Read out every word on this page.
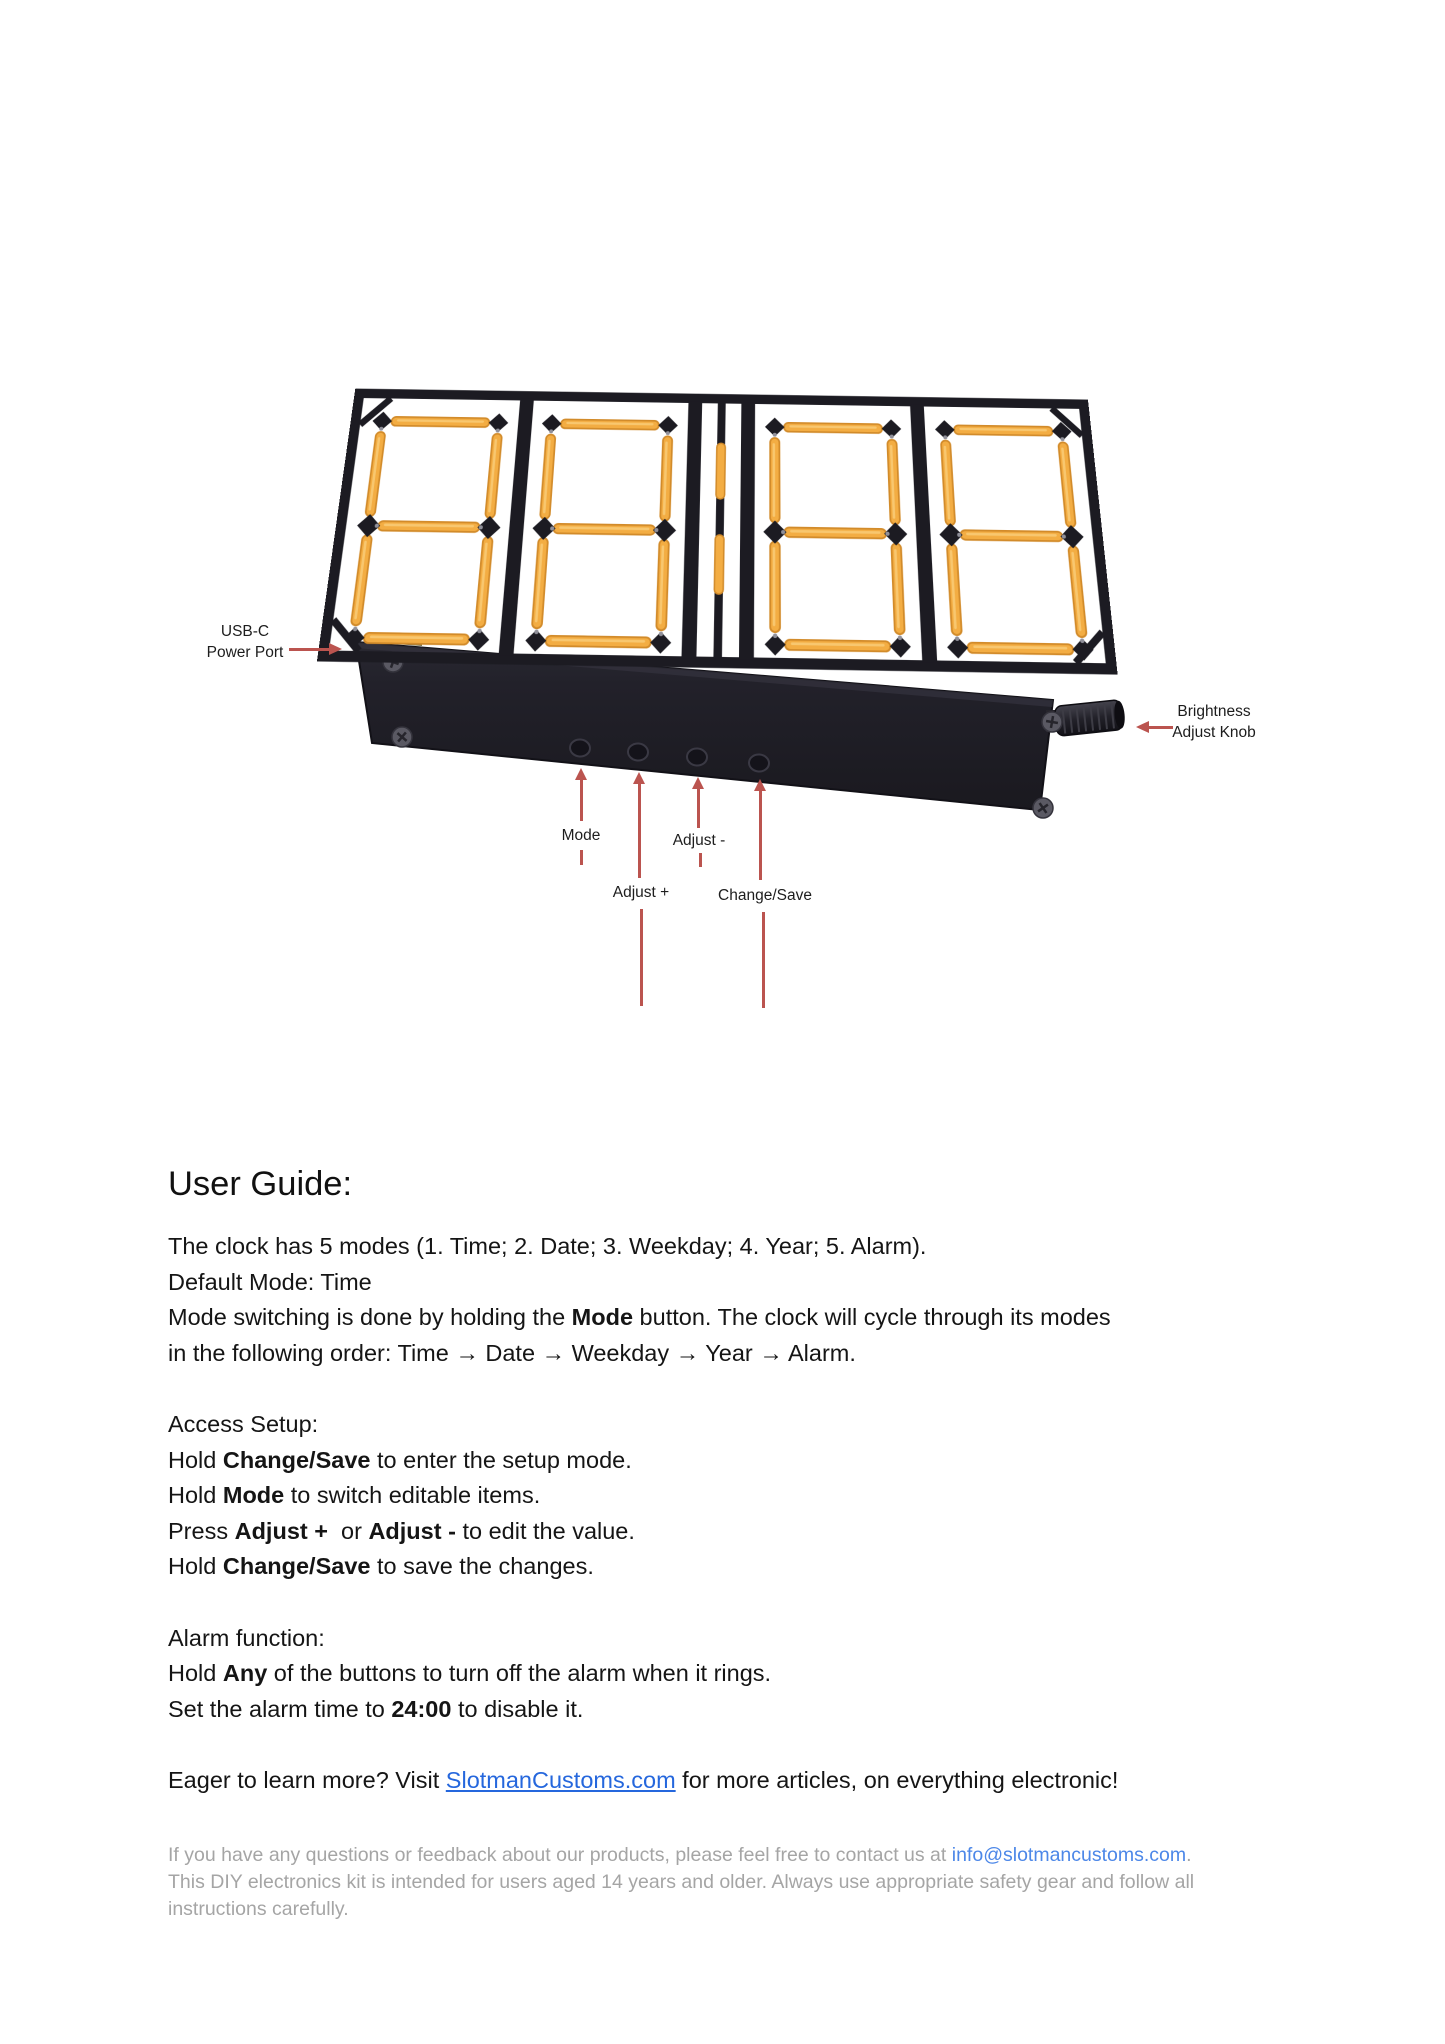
USB-C
Power Port
Brightness
Adjust Knob
Mode
Adjust +
Adjust -
Change/Save
User Guide:
The clock has 5 modes (1. Time; 2. Date; 3. Weekday; 4. Year; 5. Alarm).
Default Mode: Time
Mode switching is done by holding the Mode button. The clock will cycle through its modes
in the following order: Time → Date → Weekday → Year → Alarm.
Access Setup:
Hold Change/Save to enter the setup mode.
Hold Mode to switch editable items.
Press Adjust +  or Adjust - to edit the value.
Hold Change/Save to save the changes.
Alarm function:
Hold Any of the buttons to turn off the alarm when it rings.
Set the alarm time to 24:00 to disable it.
Eager to learn more? Visit SlotmanCustoms.com for more articles, on everything electronic!
If you have any questions or feedback about our products, please feel free to contact us at info@slotmancustoms.com.
This DIY electronics kit is intended for users aged 14 years and older. Always use appropriate safety gear and follow all
instructions carefully.
